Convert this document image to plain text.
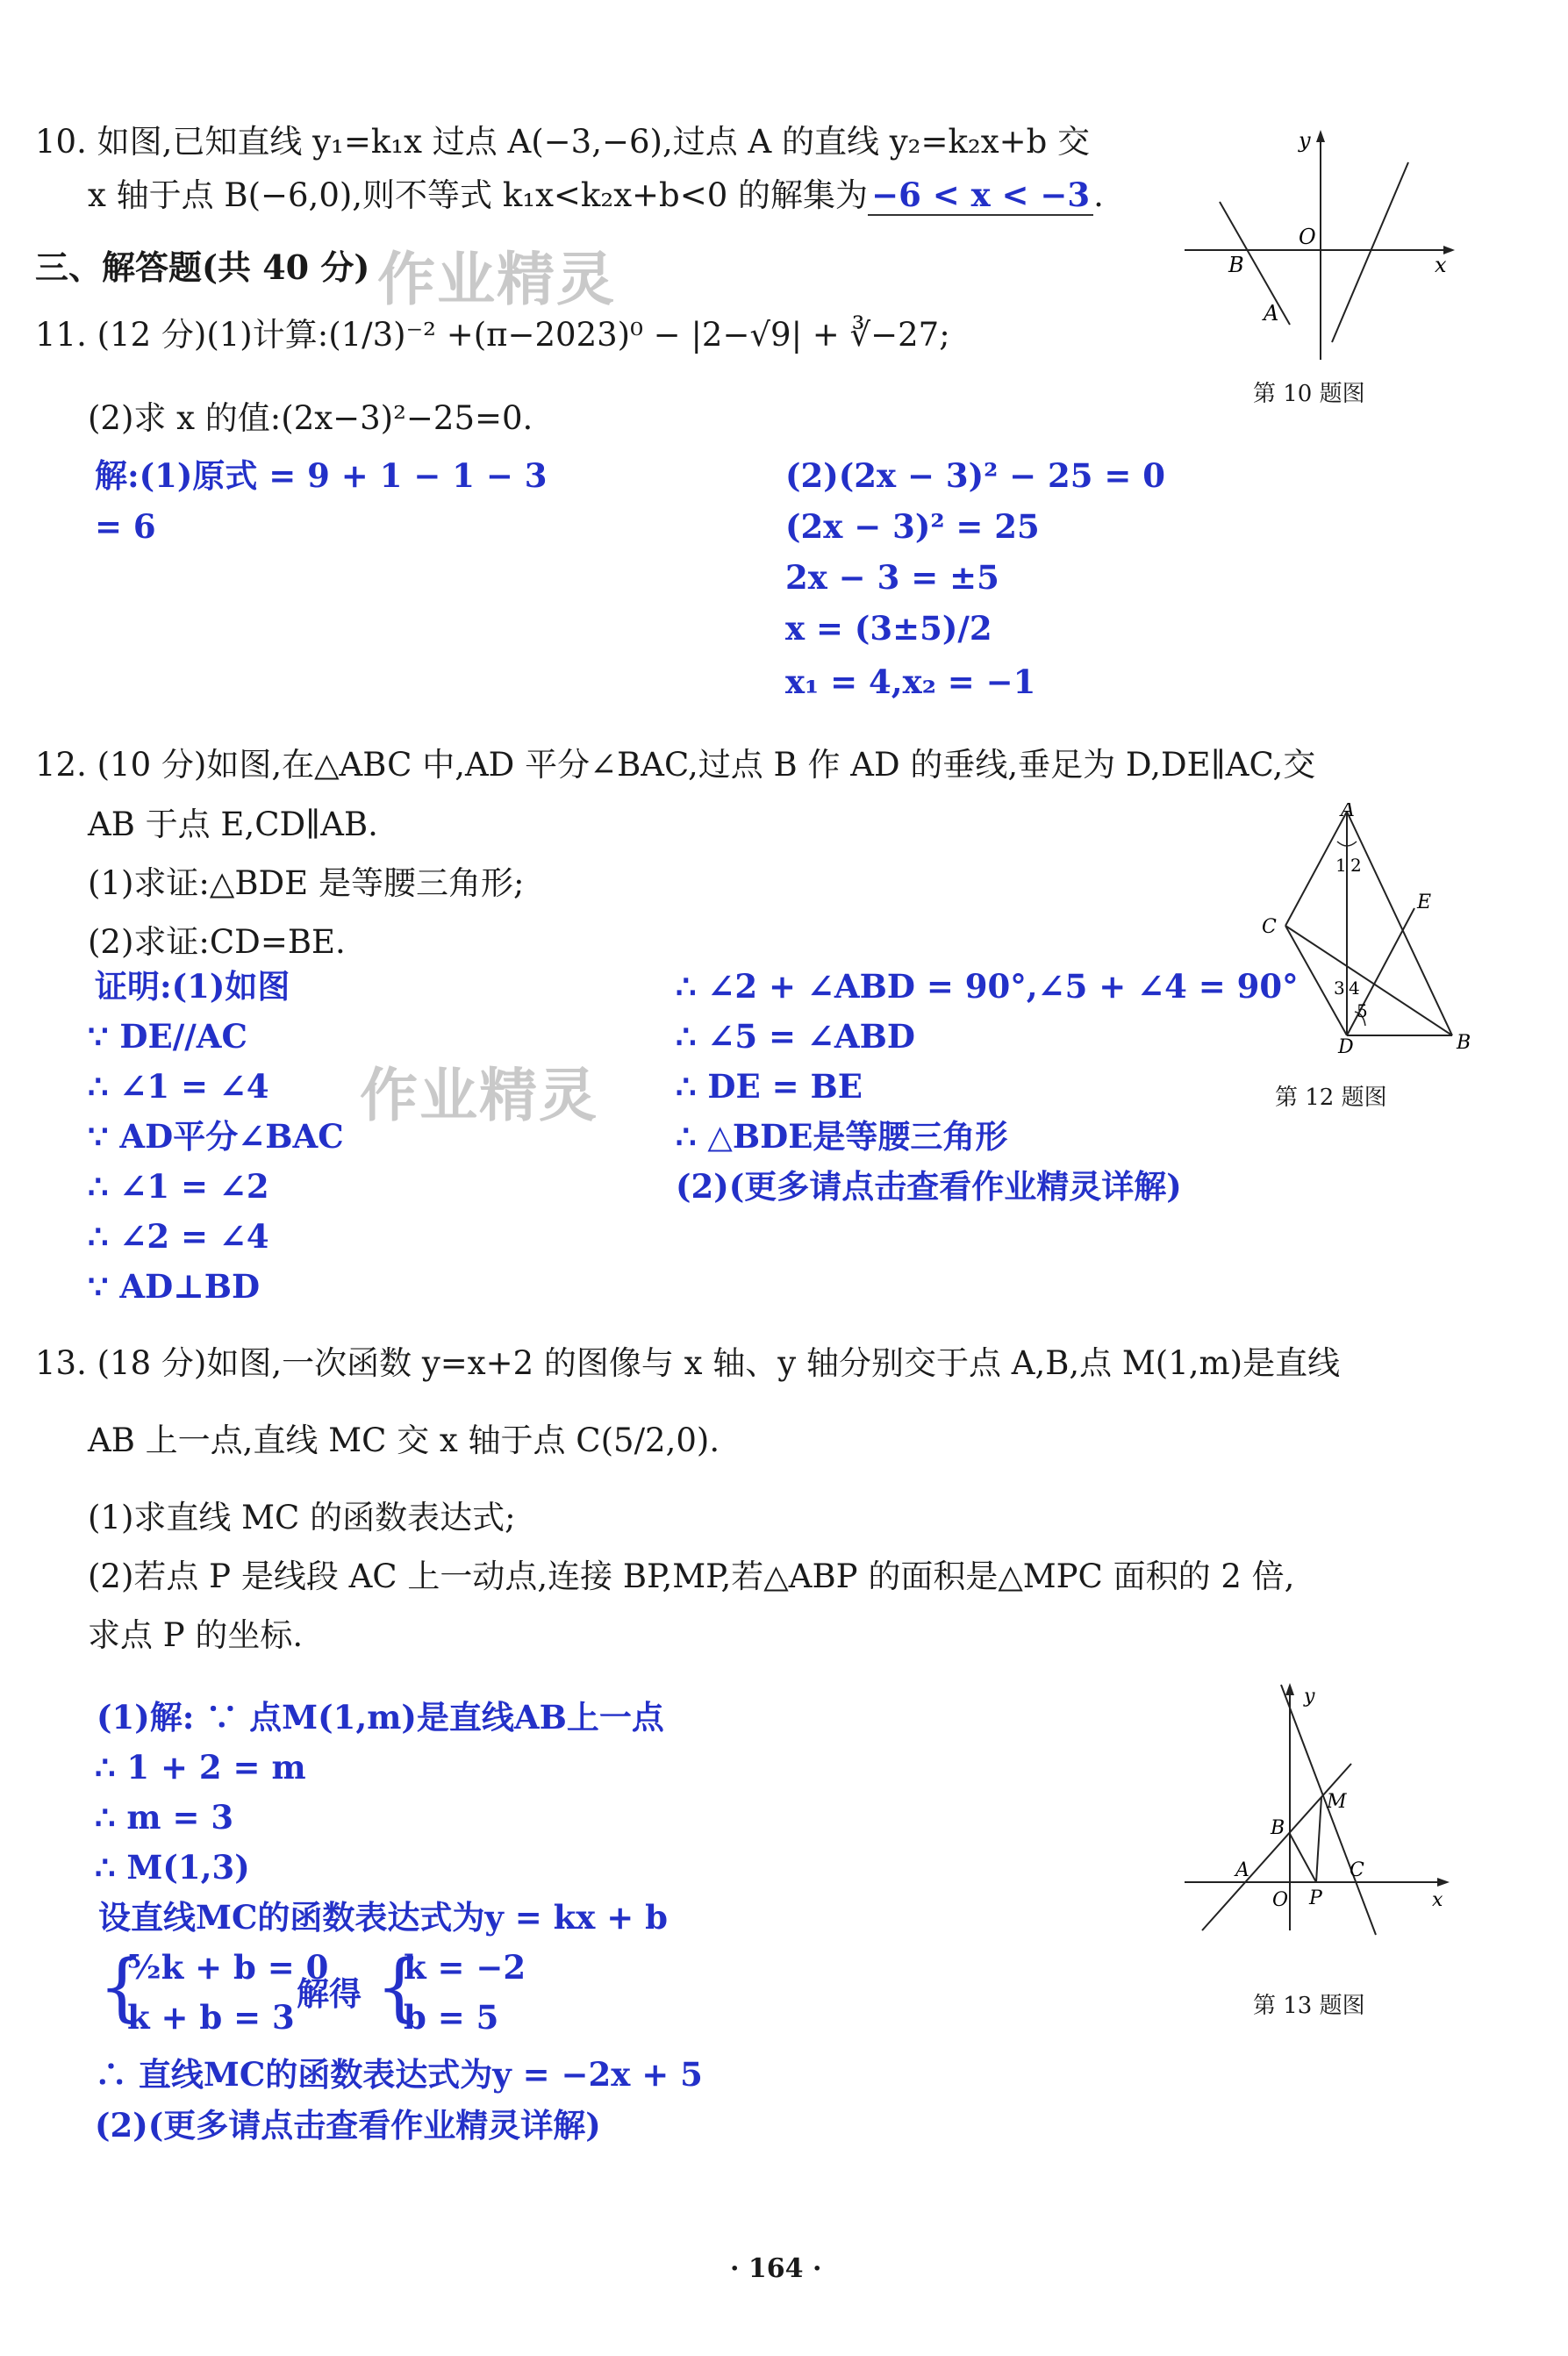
10. 如图,已知直线 y₁=k₁x 过点 A(−3,−6),过点 A 的直线 y₂=k₂x+b 交
x 轴于点 B(−6,0),则不等式 k₁x<k₂x+b<0 的解集为 −6 < x < −3 .
y
x
O
B
A
第 10 题图
三、解答题(共 40 分) 作业精灵
11. (12 分)(1)计算:(1/3)⁻² +(π−2023)⁰ − |2−√9| + ∛−27;
(2)求 x 的值:(2x−3)²−25=0.
解:(1)原式 = 9 + 1 − 1 − 3
= 6
(2)(2x − 3)² − 25 = 0
(2x − 3)² = 25
2x − 3 = ±5
x = (3±5)/2
x₁ = 4,x₂ = −1
12. (10 分)如图,在△ABC 中,AD 平分∠BAC,过点 B 作 AD 的垂线,垂足为 D,DE∥AC,交
AB 于点 E,CD∥AB.
(1)求证:△BDE 是等腰三角形;
(2)求证:CD=BE.
证明:(1)如图
∵ DE//AC
∴ ∠1 = ∠4
∵ AD平分∠BAC
∴ ∠1 = ∠2
∴ ∠2 = ∠4
∵ AD⊥BD
∴ ∠2 + ∠ABD = 90°,∠5 + ∠4 = 90°
∴ ∠5 = ∠ABD
∴ DE = BE
∴ △BDE是等腰三角形
(2)(更多请点击查看作业精灵详解)
作业精灵
A
B
C
D
E
1 2
3 4
5
第 12 题图
13. (18 分)如图,一次函数 y=x+2 的图像与 x 轴、y 轴分别交于点 A,B,点 M(1,m)是直线
AB 上一点,直线 MC 交 x 轴于点 C(5/2,0).
(1)求直线 MC 的函数表达式;
(2)若点 P 是线段 AC 上一动点,连接 BP,MP,若△ABP 的面积是△MPC 面积的 2 倍,
求点 P 的坐标.
(1)解: ∵ 点M(1,m)是直线AB上一点
∴ 1 + 2 = m
∴ m = 3
∴ M(1,3)
设直线MC的函数表达式为y = kx + b
{
⁵⁄₂k + b = 0
k + b = 3
解得 {
k = −2
b = 5
∴ 直线MC的函数表达式为y = −2x + 5
(2)(更多请点击查看作业精灵详解)
y
x
M
B
A	C
O P
第 13 题图
· 164 ·
